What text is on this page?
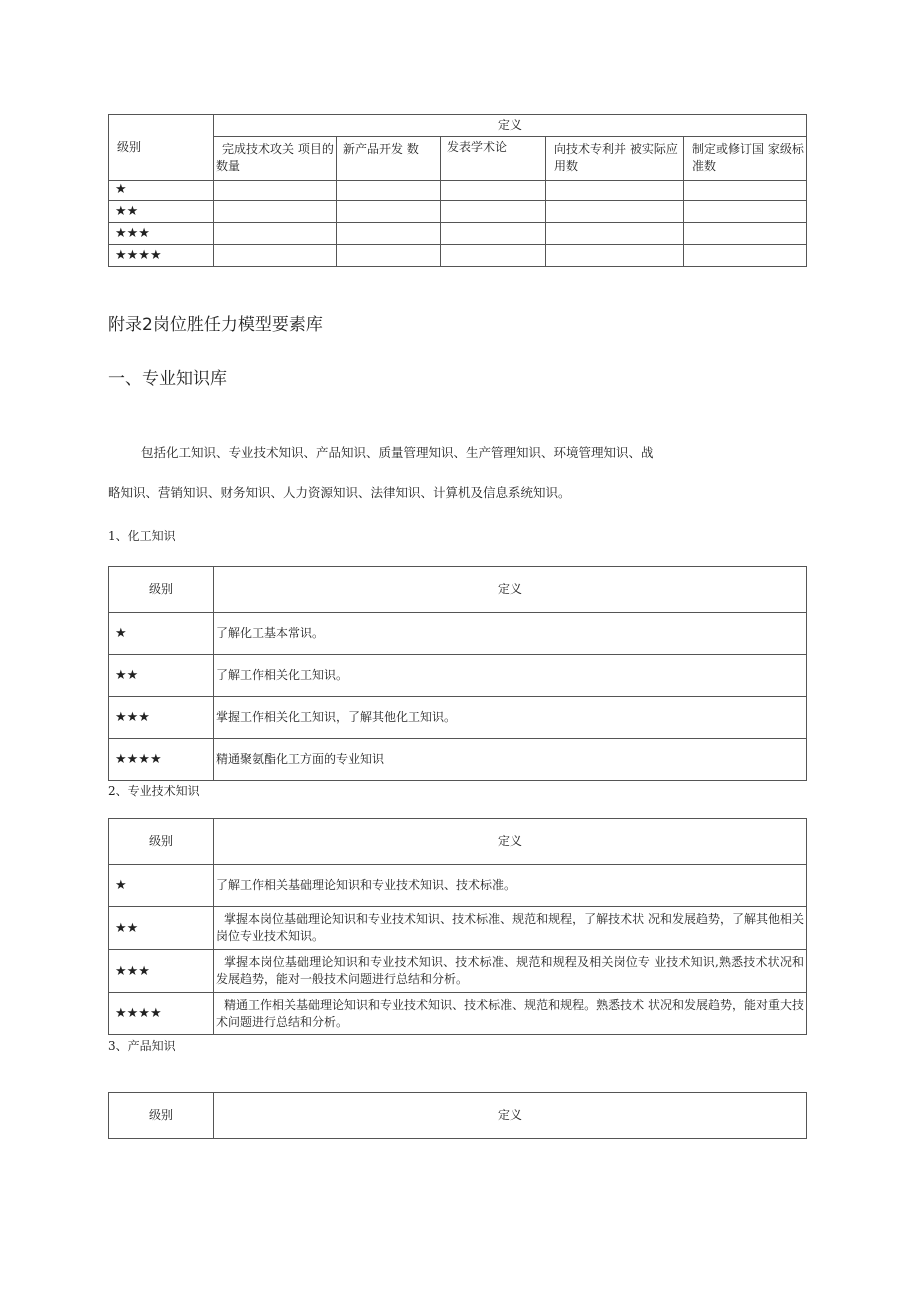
级别	定义				
	完成技术攻关 项目的数量	新产品开发 数	发表学术论	向技术专利并 被实际应用数	制定或修订国 家级标准数
★					
★★					
★★★					
★★★★					
附录2岗位胜任力模型要素库
一、专业知识库
包括化工知识、专业技术知识、产品知识、质量管理知识、生产管理知识、环境管理知识、战
略知识、营销知识、财务知识、人力资源知识、法律知识、计算机及信息系统知识。
1、化工知识
级别	定义
★	了解化工基本常识。
★★	了解工作相关化工知识。
★★★	掌握工作相关化工知识，了解其他化工知识。
★★★★	精通聚氨酯化工方面的专业知识
2、专业技术知识
级别	定义
★	了解工作相关基础理论知识和专业技术知识、技术标准。
★★	掌握本岗位基础理论知识和专业技术知识、技术标准、规范和规程，了解技术状 况和发展趋势，了解其他相关岗位专业技术知识。
★★★	掌握本岗位基础理论知识和专业技术知识、技术标准、规范和规程及相关岗位专 业技术知识,熟悉技术状况和发展趋势，能对一般技术问题进行总结和分析。
★★★★	精通工作相关基础理论知识和专业技术知识、技术标准、规范和规程。熟悉技术 状况和发展趋势，能对重大技术问题进行总结和分析。
3、产品知识
级别	定义
